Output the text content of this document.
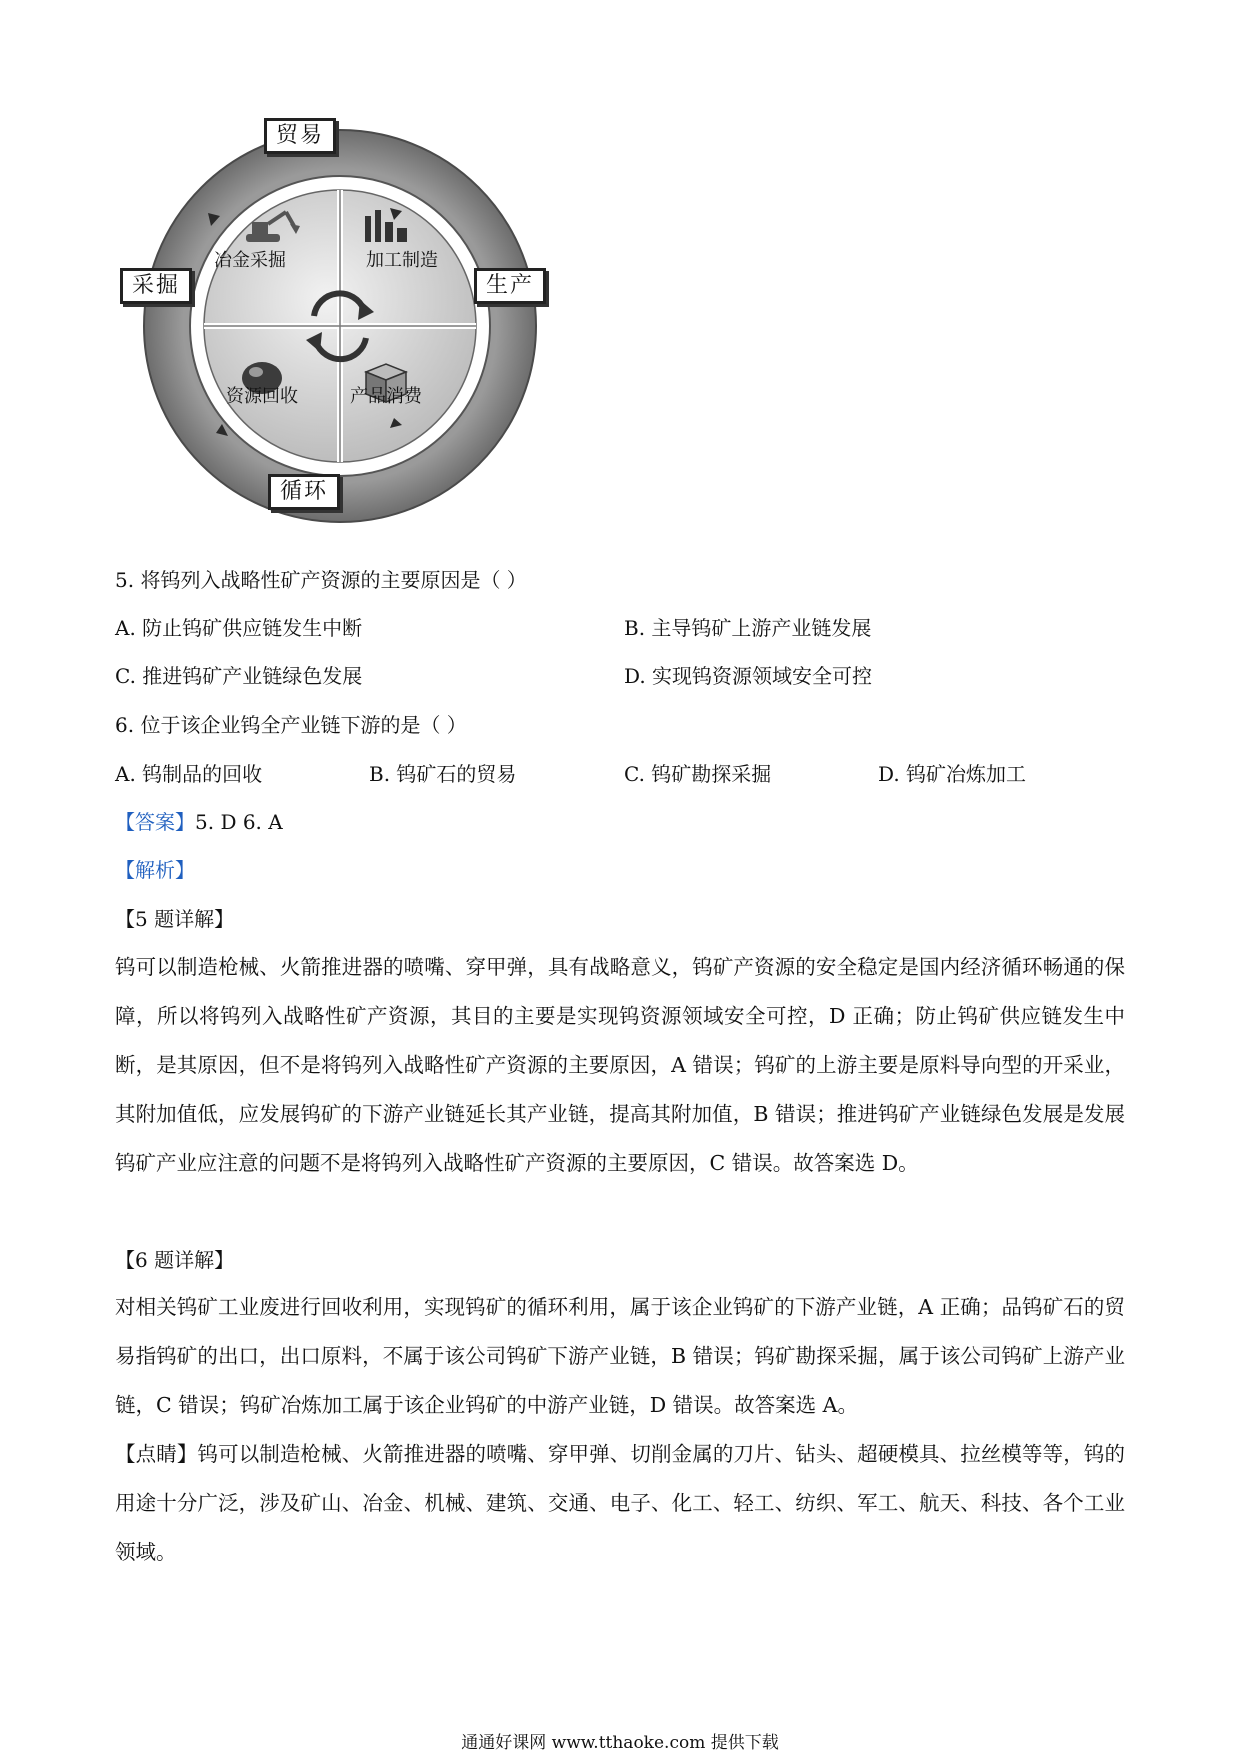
贸易
采掘	生产
循环
冶金采掘	加工制造
资源回收	产品消费
5. 将钨列入战略性矿产资源的主要原因是（ ）
A. 防止钨矿供应链发生中断	B. 主导钨矿上游产业链发展
C. 推进钨矿产业链绿色发展	D. 实现钨资源领域安全可控
6. 位于该企业钨全产业链下游的是（ ）
A. 钨制品的回收	B. 钨矿石的贸易	C. 钨矿勘探采掘	D. 钨矿冶炼加工
【答案】5. D 6. A
【解析】
【5 题详解】
钨可以制造枪械、火箭推进器的喷嘴、穿甲弹，具有战略意义，钨矿产资源的安全稳定是国内经济循环畅通的保障，所以将钨列入战略性矿产资源，其目的主要是实现钨资源领域安全可控，D 正确；防止钨矿供应链发生中断，是其原因，但不是将钨列入战略性矿产资源的主要原因，A 错误；钨矿的上游主要是原料导向型的开采业，其附加值低，应发展钨矿的下游产业链延长其产业链，提高其附加值，B 错误；推进钨矿产业链绿色发展是发展钨矿产业应注意的问题不是将钨列入战略性矿产资源的主要原因，C 错误。故答案选 D。
【6 题详解】
对相关钨矿工业废进行回收利用，实现钨矿的循环利用，属于该企业钨矿的下游产业链，A 正确；品钨矿石的贸易指钨矿的出口，出口原料，不属于该公司钨矿下游产业链，B 错误；钨矿勘探采掘，属于该公司钨矿上游产业链，C 错误；钨矿冶炼加工属于该企业钨矿的中游产业链，D 错误。故答案选 A。
【点睛】钨可以制造枪械、火箭推进器的喷嘴、穿甲弹、切削金属的刀片、钻头、超硬模具、拉丝模等等，钨的用途十分广泛，涉及矿山、冶金、机械、建筑、交通、电子、化工、轻工、纺织、军工、航天、科技、各个工业领域。
通通好课网 www.tthaoke.com 提供下载
